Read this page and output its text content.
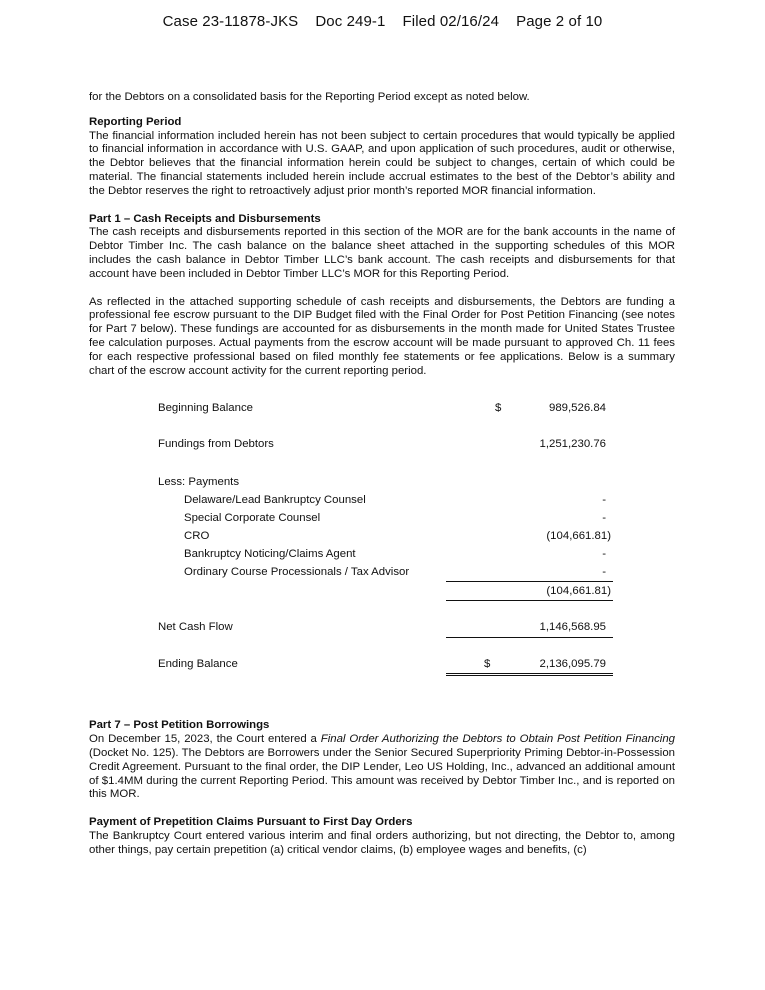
Case 23-11878-JKS Doc 249-1 Filed 02/16/24 Page 2 of 10

for the Debtors on a consolidated basis for the Reporting Period except as noted below.

Reporting Period

The financial information included herein has not been subject to certain procedures that would typically be applied to financial information in accordance with U.S. GAAP, and upon application of such procedures, audit or otherwise, the Debtor believes that the financial information herein could be subject to changes, certain of which could be material. The financial statements included herein include accrual estimates to the best of the Debtor’s ability and the Debtor reserves the right to retroactively adjust prior month’s reported MOR financial information.

Part 1 – Cash Receipts and Disbursements

The cash receipts and disbursements reported in this section of the MOR are for the bank accounts in the name of Debtor Timber Inc. The cash balance on the balance sheet attached in the supporting schedules of this MOR includes the cash balance in Debtor Timber LLC’s bank account. The cash receipts and disbursements for that account have been included in Debtor Timber LLC’s MOR for this Reporting Period.

As reflected in the attached supporting schedule of cash receipts and disbursements, the Debtors are funding a professional fee escrow pursuant to the DIP Budget filed with the Final Order for Post Petition Financing (see notes for Part 7 below). These fundings are accounted for as disbursements in the month made for United States Trustee fee calculation purposes. Actual payments from the escrow account will be made pursuant to approved Ch. 11 fees for each respective professional based on filed monthly fee statements or fee applications. Below is a summary chart of the escrow account activity for the current reporting period.

Beginning Balance	$	989,526.84
Fundings from Debtors	1,251,230.76
Less: Payments
Delaware/Lead Bankruptcy Counsel	-
Special Corporate Counsel	-
CRO	(104,661.81)
Bankruptcy Noticing/Claims Agent	-
Ordinary Course Processionals / Tax Advisor	-
(104,661.81)
Net Cash Flow	1,146,568.95
Ending Balance	$	2,136,095.79
Part 7 – Post Petition Borrowings

On December 15, 2023, the Court entered a Final Order Authorizing the Debtors to Obtain Post Petition Financing (Docket No. 125). The Debtors are Borrowers under the Senior Secured Superpriority Priming Debtor-in-Possession Credit Agreement. Pursuant to the final order, the DIP Lender, Leo US Holding, Inc., advanced an additional amount of $1.4MM during the current Reporting Period. This amount was received by Debtor Timber Inc., and is reported on this MOR.

Payment of Prepetition Claims Pursuant to First Day Orders

The Bankruptcy Court entered various interim and final orders authorizing, but not directing, the Debtor to, among other things, pay certain prepetition (a) critical vendor claims, (b) employee wages and benefits, (c)
